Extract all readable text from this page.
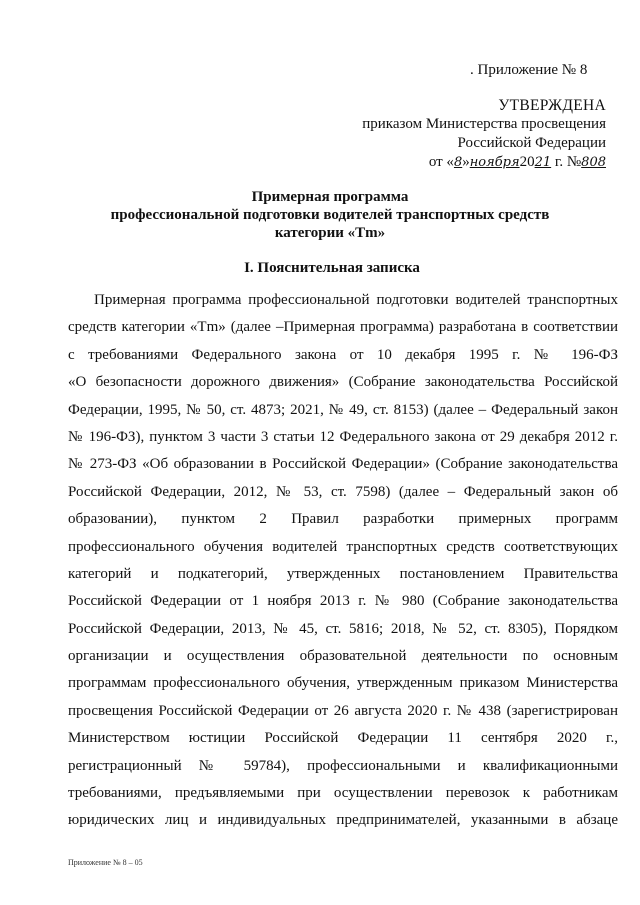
. Приложение № 8
УТВЕРЖДЕНА
приказом Министерства просвещения
Российской Федерации
от «8»ноября2021 г. №808
Примерная программа
профессиональной подготовки водителей транспортных средств
категории «Tm»
I. Пояснительная записка
Примерная программа профессиональной подготовки водителей транспортных
средств категории «Tm» (далее –Примерная программа) разработана в соответствии
с требованиями Федерального закона от 10 декабря 1995 г. № 196-ФЗ
«О безопасности дорожного движения» (Собрание законодательства Российской
Федерации, 1995, № 50, ст. 4873; 2021, № 49, ст. 8153) (далее – Федеральный закон
№ 196-ФЗ), пунктом 3 части 3 статьи 12 Федерального закона от 29 декабря 2012 г.
№ 273-ФЗ «Об образовании в Российской Федерации» (Собрание законодательства
Российской Федерации, 2012, № 53, ст. 7598) (далее – Федеральный закон об
образовании), пунктом 2 Правил разработки примерных программ
профессионального обучения водителей транспортных средств соответствующих
категорий и подкатегорий, утвержденных постановлением Правительства
Российской Федерации от 1 ноября 2013 г. № 980 (Собрание законодательства
Российской Федерации, 2013, № 45, ст. 5816; 2018, № 52, ст. 8305), Порядком
организации и осуществления образовательной деятельности по основным
программам профессионального обучения, утвержденным приказом Министерства
просвещения Российской Федерации от 26 августа 2020 г. № 438 (зарегистрирован
Министерством юстиции Российской Федерации 11 сентября 2020 г.,
регистрационный № 59784), профессиональными и квалификационными
требованиями, предъявляемыми при осуществлении перевозок к работникам
юридических лиц и индивидуальных предпринимателей, указанными в абзаце
Приложение № 8 – 05
